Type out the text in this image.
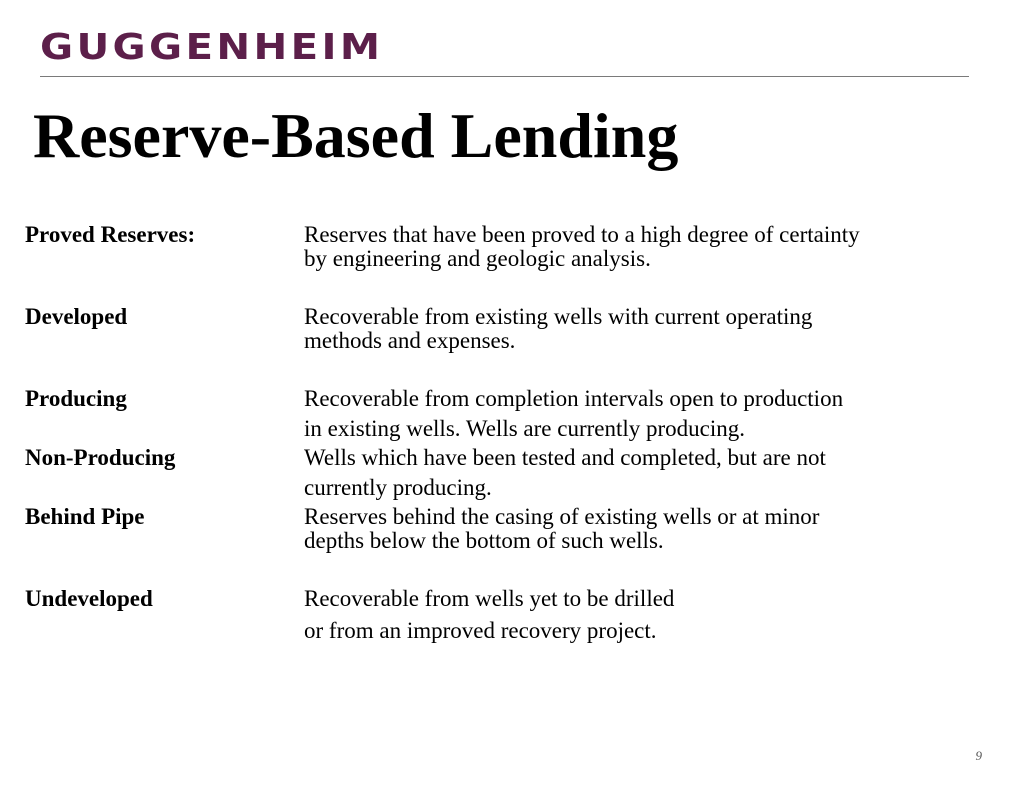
GUGGENHEIM
Reserve-Based Lending
Proved Reserves:	Reserves that have been proved to a high degree of certainty
by engineering and geologic analysis.
Developed	Recoverable from existing wells with current operating
methods and expenses.
Producing	Recoverable from completion intervals open to production
in existing wells. Wells are currently producing.
Non-Producing	Wells which have been tested and completed, but are not
currently producing.
Behind Pipe	Reserves behind the casing of existing wells or at minor
depths below the bottom of such wells.
Undeveloped	Recoverable from wells yet to be drilled
or from an improved recovery project.
9
